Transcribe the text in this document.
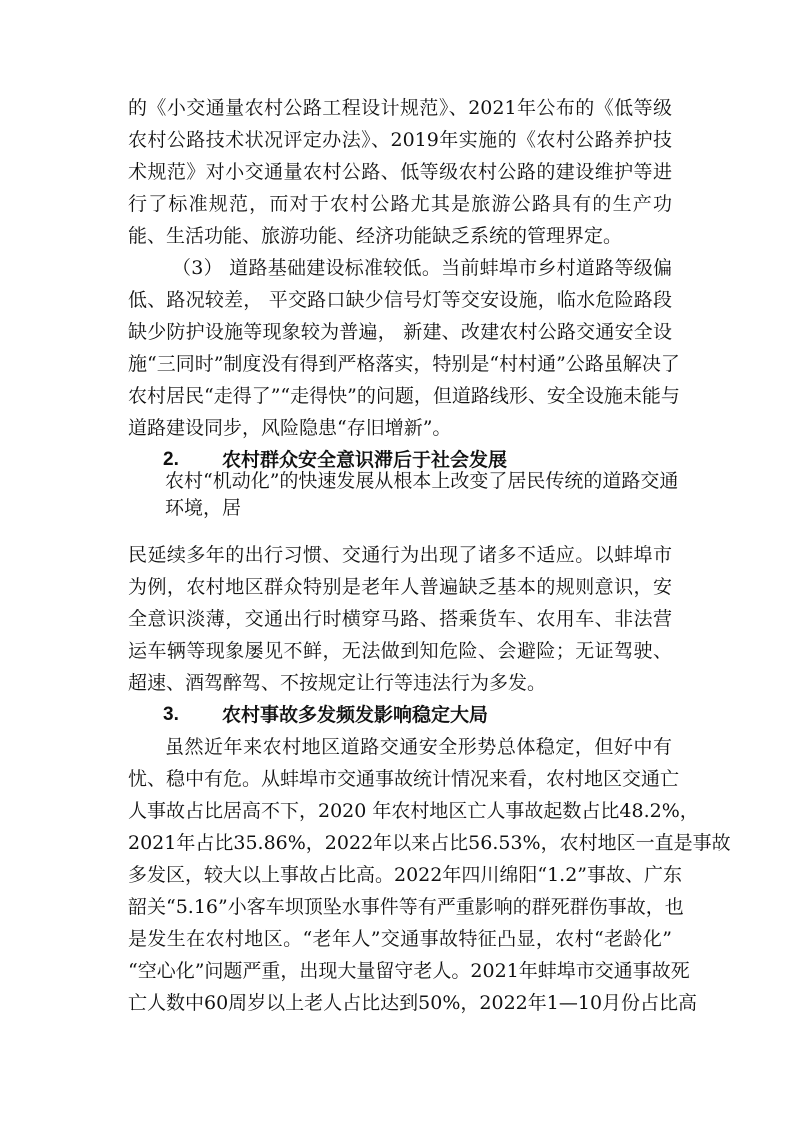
的《小交通量农村公路工程设计规范》、2021年公布的《低等级
农村公路技术状况评定办法》、2019年实施的《农村公路养护技
术规范》对小交通量农村公路、低等级农村公路的建设维护等进
行了标准规范，而对于农村公路尤其是旅游公路具有的生产功
能、生活功能、旅游功能、经济功能缺乏系统的管理界定。
（3） 道路基础建设标准较低。当前蚌埠市乡村道路等级偏
低、路况较差， 平交路口缺少信号灯等交安设施，临水危险路段
缺少防护设施等现象较为普遍， 新建、改建农村公路交通安全设
施“三同时”制度没有得到严格落实，特别是“村村通”公路虽解决了
农村居民“走得了”“走得快”的问题，但道路线形、安全设施未能与
道路建设同步，风险隐患“存旧增新”。
2. 农村群众安全意识滞后于社会发展
农村“机动化”的快速发展从根本上改变了居民传统的道路交通
环境，居
民延续多年的出行习惯、交通行为出现了诸多不适应。以蚌埠市
为例，农村地区群众特别是老年人普遍缺乏基本的规则意识，安
全意识淡薄，交通出行时横穿马路、搭乘货车、农用车、非法营
运车辆等现象屡见不鲜，无法做到知危险、会避险；无证驾驶、
超速、酒驾醉驾、不按规定让行等违法行为多发。
3. 农村事故多发频发影响稳定大局
虽然近年来农村地区道路交通安全形势总体稳定，但好中有
忧、稳中有危。从蚌埠市交通事故统计情况来看，农村地区交通亡
人事故占比居高不下，2020 年农村地区亡人事故起数占比48.2%，
2021年占比35.86%，2022年以来占比56.53%，农村地区一直是事故
多发区，较大以上事故占比高。2022年四川绵阳“1.2”事故、广东
韶关“5.16”小客车坝顶坠水事件等有严重影响的群死群伤事故，也
是发生在农村地区。“老年人”交通事故特征凸显，农村“老龄化”
“空心化”问题严重，出现大量留守老人。2021年蚌埠市交通事故死
亡人数中60周岁以上老人占比达到50%，2022年1—10月份占比高
